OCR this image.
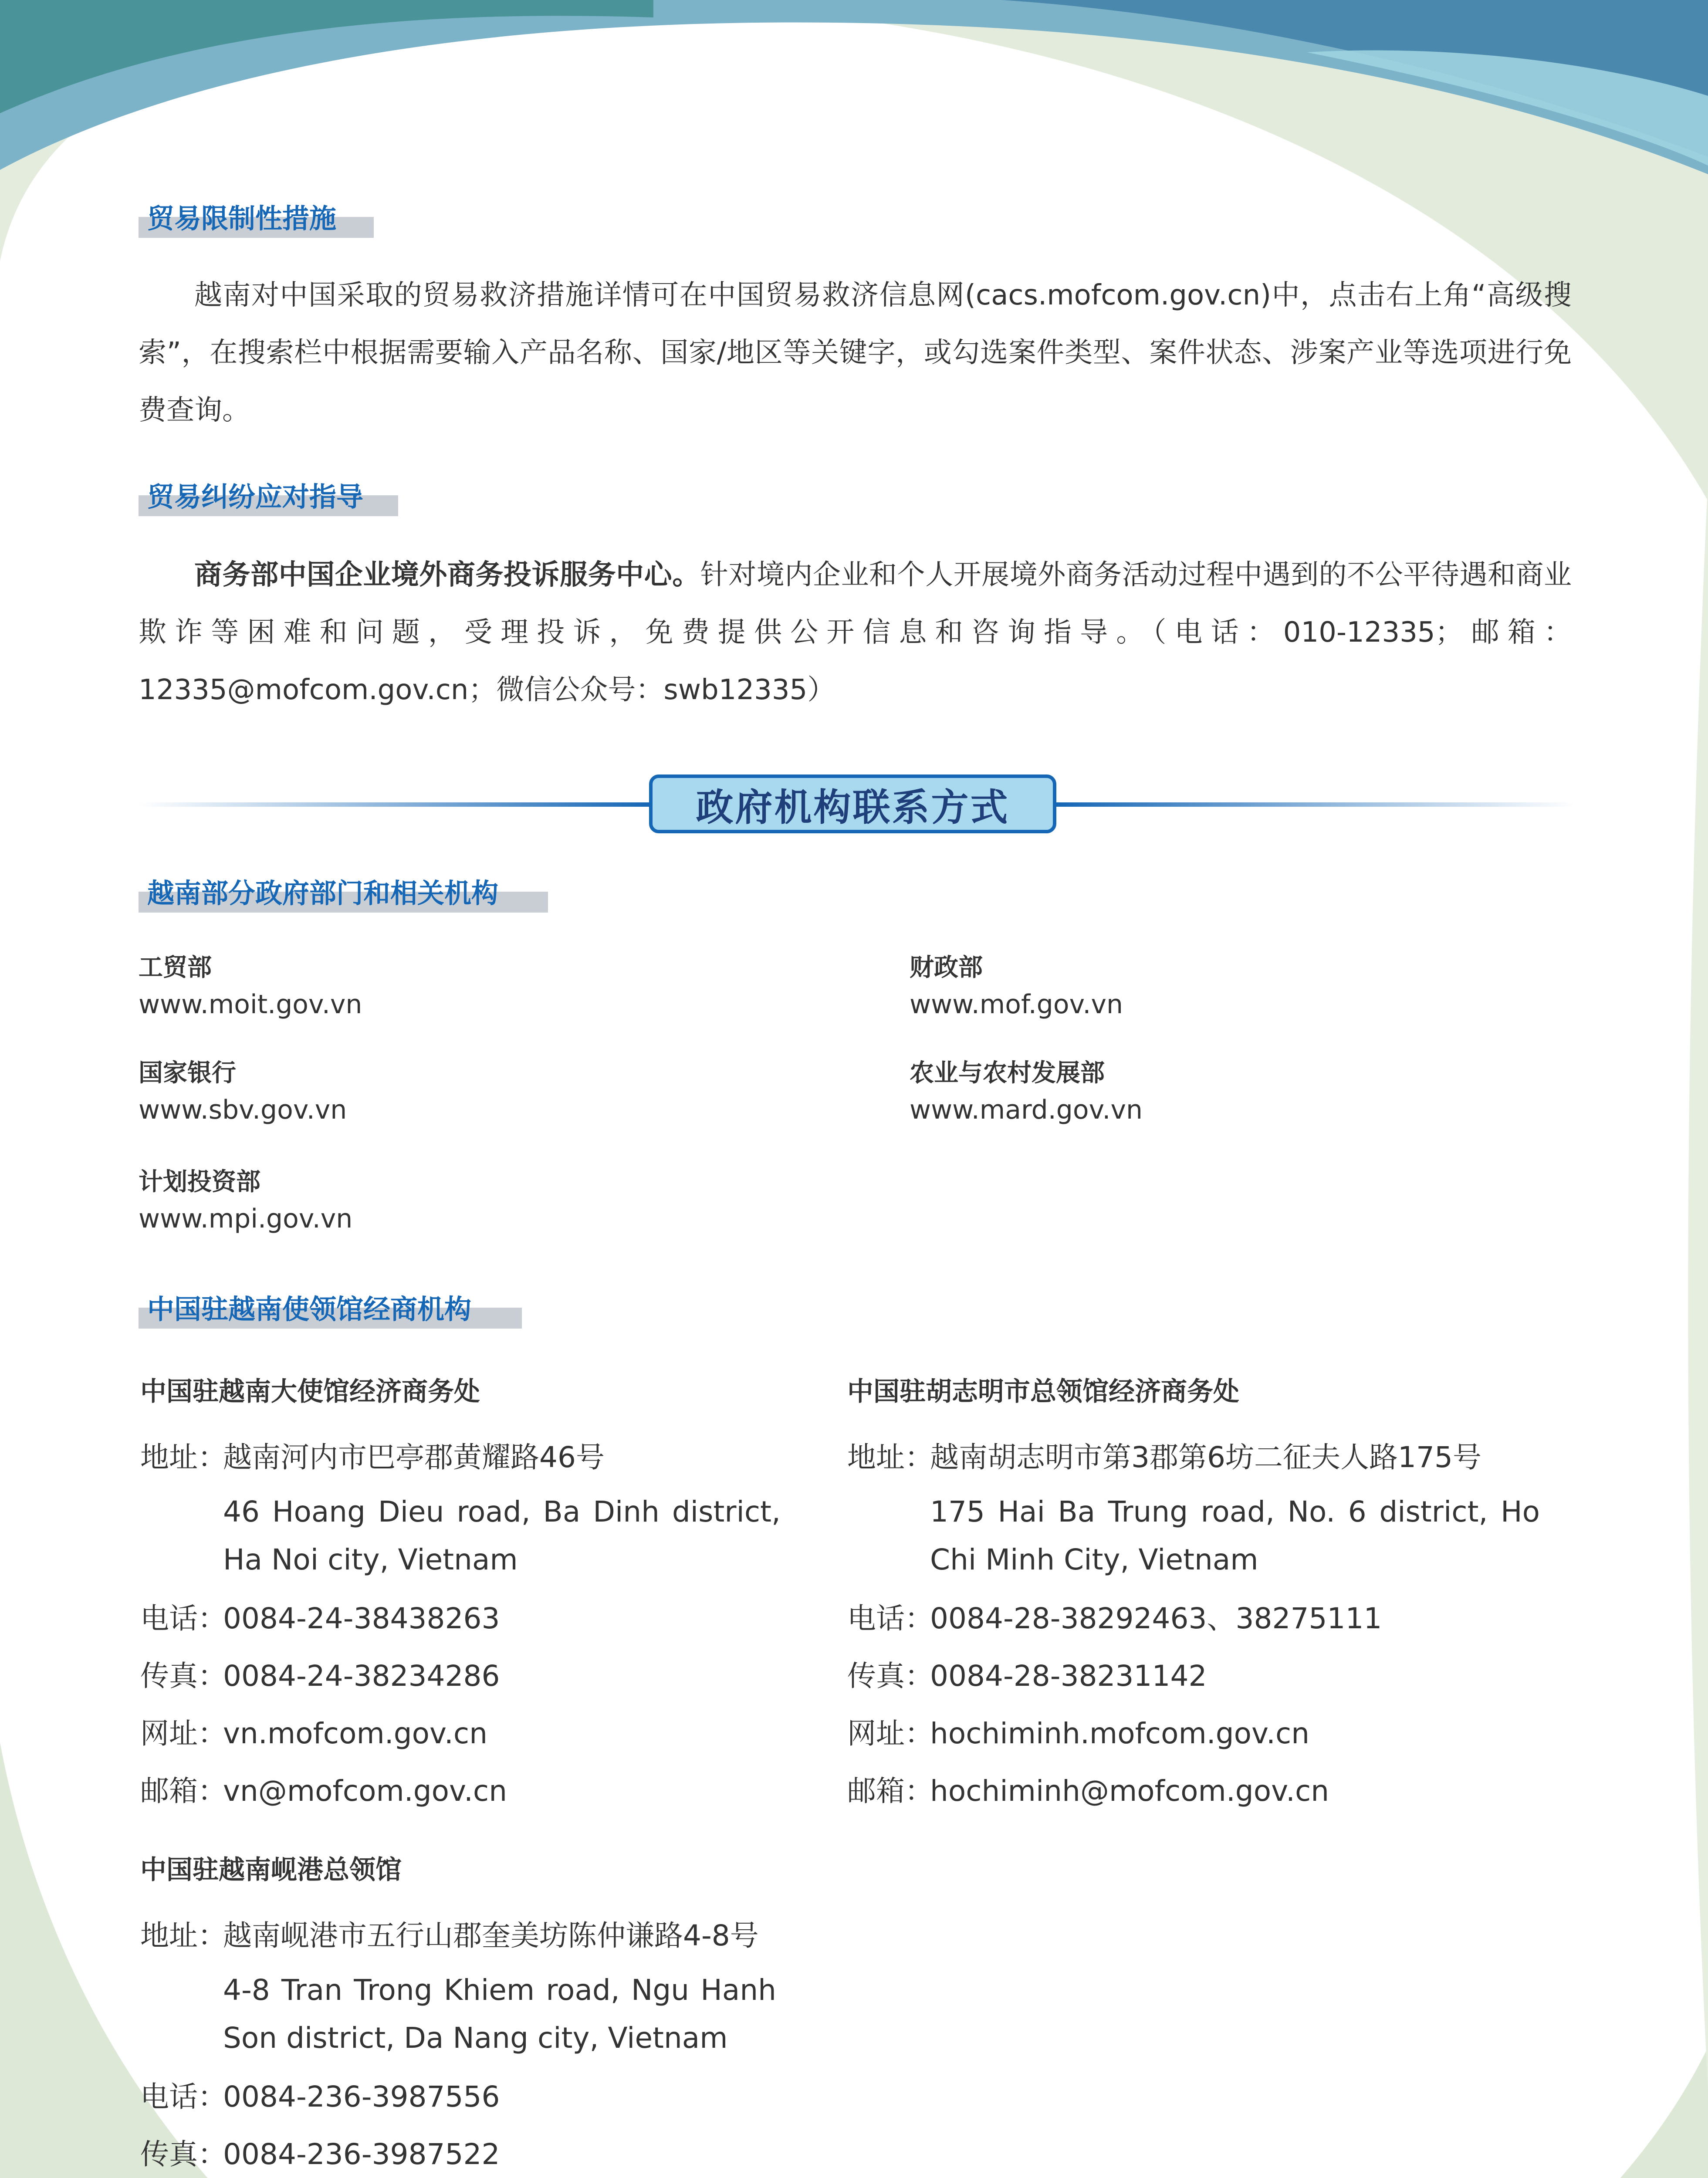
贸易限制性措施

越南对中国采取的贸易救济措施详情可在中国贸易救济信息网(cacs.mofcom.gov.cn)中，点击右上角“高级搜索”，在搜索栏中根据需要输入产品名称、国家/地区等关键字，或勾选案件类型、案件状态、涉案产业等选项进行免费查询。

贸易纠纷应对指导

商务部中国企业境外商务投诉服务中心。针对境内企业和个人开展境外商务活动过程中遇到的不公平待遇和商业欺诈等困难和问题，受理投诉，免费提供公开信息和咨询指导。（电话：010-12335；邮箱：12335@mofcom.gov.cn；微信公众号：swb12335）

政府机构联系方式
越南部分政府部门和相关机构
工贸部
www.moit.gov.vn
财政部
www.mof.gov.vn
国家银行
www.sbv.gov.vn
农业与农村发展部
www.mard.gov.vn
计划投资部
www.mpi.gov.vn
中国驻越南使领馆经商机构
中国驻越南大使馆经济商务处
地址：
越南河内市巴亭郡黄耀路46号
46 Hoang Dieu road, Ba Dinh district, Ha Noi city, Vietnam
电话：
0084-24-38438263
传真：
0084-24-38234286
网址：
vn.mofcom.gov.cn
邮箱：
vn@mofcom.gov.cn
中国驻胡志明市总领馆经济商务处
地址：
越南胡志明市第3郡第6坊二征夫人路175号
175 Hai Ba Trung road, No. 6 district, Ho Chi Minh City, Vietnam
电话：
0084-28-38292463、38275111
传真：
0084-28-38231142
网址：
hochiminh.mofcom.gov.cn
邮箱：
hochiminh@mofcom.gov.cn
中国驻越南岘港总领馆
地址：
越南岘港市五行山郡奎美坊陈仲谦路4-8号
4-8 Tran Trong Khiem road, Ngu Hanh Son district, Da Nang city, Vietnam
电话：
0084-236-3987556
传真：
0084-236-3987522
